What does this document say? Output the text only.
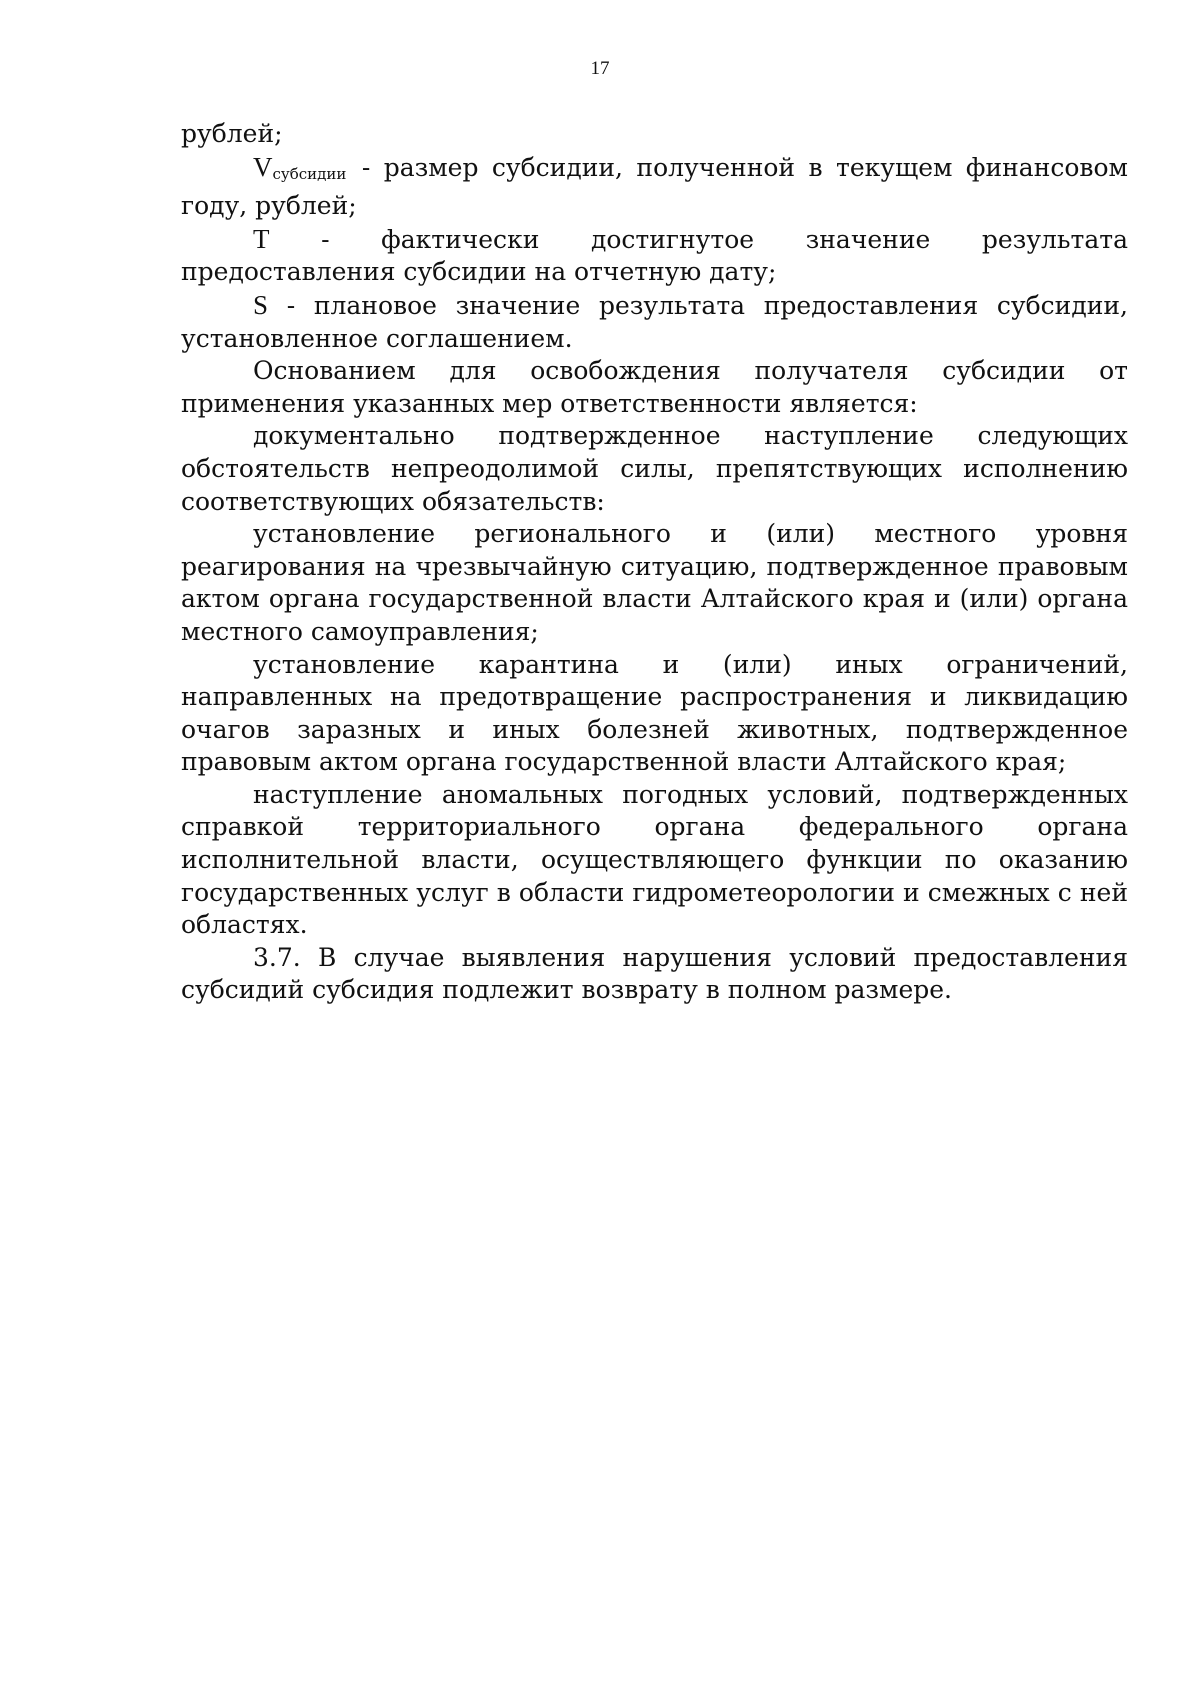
17

рублей;

Vсубсидии - размер субсидии, полученной в текущем финансовом году, рублей;

T - фактически достигнутое значение результата предоставления субсидии на отчетную дату;

S - плановое значение результата предоставления субсидии, установленное соглашением.

Основанием для освобождения получателя субсидии от применения указанных мер ответственности является:

документально подтвержденное наступление следующих обстоятельств непреодолимой силы, препятствующих исполнению соответствующих обязательств:

установление регионального и (или) местного уровня реагирования на чрезвычайную ситуацию, подтвержденное правовым актом органа государственной власти Алтайского края и (или) органа местного самоуправления;

установление карантина и (или) иных ограничений, направленных на предотвращение распространения и ликвидацию очагов заразных и иных болезней животных, подтвержденное правовым актом органа государственной власти Алтайского края;

наступление аномальных погодных условий, подтвержденных справкой территориального органа федерального органа исполнительной власти, осуществляющего функции по оказанию государственных услуг в области гидрометеорологии и смежных с ней областях.

3.7. В случае выявления нарушения условий предоставления субсидий субсидия подлежит возврату в полном размере.
